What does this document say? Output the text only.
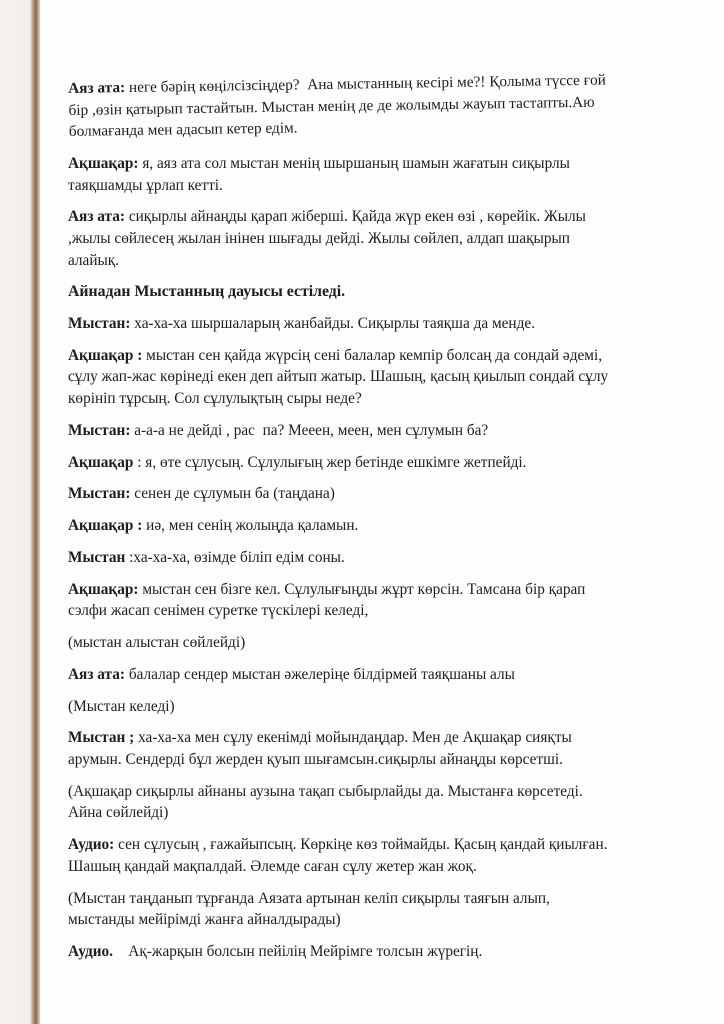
Аяз ата: неге бәрің көңілсізсіңдер?  Ана мыстанның кесірі ме?! Қолыма түссе ғой
бір ,өзін қатырып тастайтын. Мыстан менің де де жолымды жауып тастапты.Аю
болмағанда мен адасып кетер едім.

Ақшақар: я, аяз ата сол мыстан менің шыршаның шамын жағатын сиқырлы
таяқшамды ұрлап кетті.

Аяз ата: сиқырлы айнаңды қарап жіберші. Қайда жүр екен өзі , көрейік. Жылы
,жылы сөйлесең жылан інінен шығады дейді. Жылы сөйлеп, алдап шақырып
алайық.

Айнадан Мыстанның дауысы естіледі.

Мыстан: ха-ха-ха шыршаларың жанбайды. Сиқырлы таяқша да менде.

Ақшақар : мыстан сен қайда жүрсің сені балалар кемпір болсаң да сондай әдемі,
сұлу жап-жас көрінеді екен деп айтып жатыр. Шашың, қасың қиылып сондай сұлу
көрініп тұрсың. Сол сұлулықтың сыры неде?

Мыстан: а-а-а не дейді , рас  па? Мееен, меен, мен сұлумын ба?

Ақшақар : я, өте сұлусың. Сұлулығың жер бетінде ешкімге жетпейді.

Мыстан: сенен де сұлумын ба (таңдана)

Ақшақар : иә, мен сенің жолыңда қаламын.

Мыстан :ха-ха-ха, өзімде біліп едім соны.

Ақшақар: мыстан сен бізге кел. Сұлулығыңды жұрт көрсін. Тамсана бір қарап
сэлфи жасап сенімен суретке түскілері келеді,

(мыстан алыстан сөйлейді)

Аяз ата: балалар сендер мыстан әжелеріңе білдірмей таяқшаны алы

(Мыстан келеді)

Мыстан ; ха-ха-ха мен сұлу екенімді мойындаңдар. Мен де Ақшақар сияқты
арумын. Сендерді бұл жерден қуып шығамсын.сиқырлы айнаңды көрсетші.

(Ақшақар сиқырлы айнаны аузына тақап сыбырлайды да. Мыстанға көрсетеді.
Айна сөйлейді)

Аудио: сен сұлусың , ғажайыпсың. Көркіңе көз тоймайды. Қасың қандай қиылған.
Шашың қандай мақпалдай. Әлемде саған сұлу жетер жан жоқ.

(Мыстан таңданып тұрғанда Аязата артынан келіп сиқырлы таяғын алып,
мыстанды мейірімді жанға айналдырады)

Аудио.    Ақ-жарқын болсын пейілің Мейрімге толсын жүрегің.
